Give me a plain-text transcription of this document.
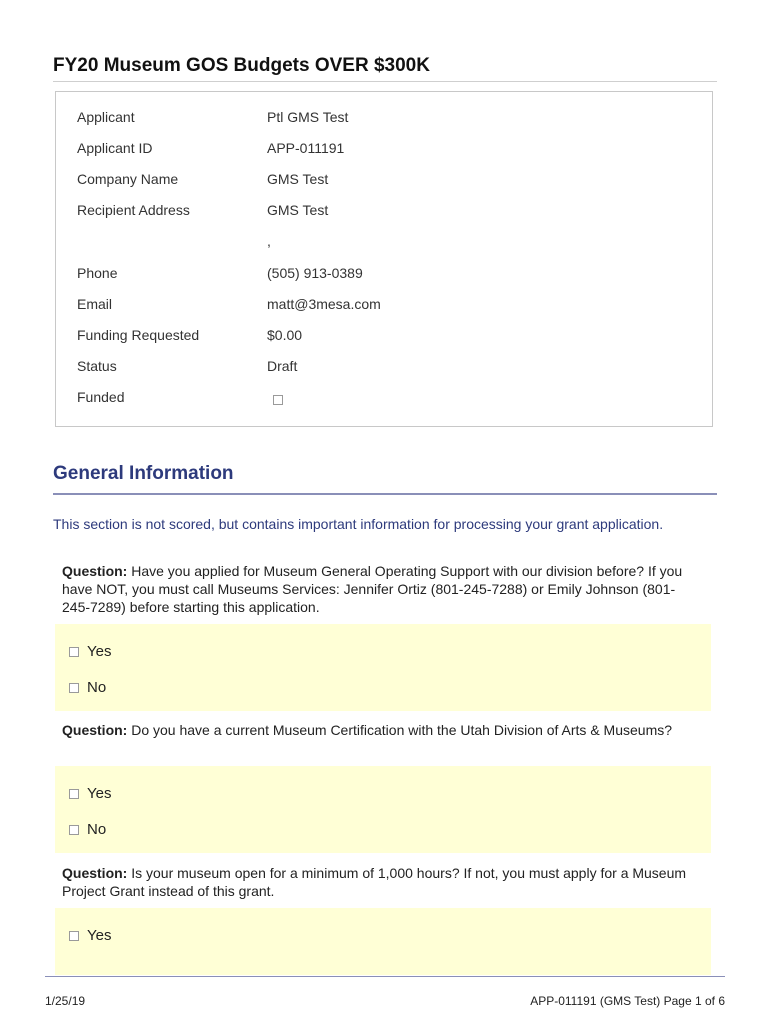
FY20 Museum GOS Budgets OVER $300K
Applicant	Ptl GMS Test
Applicant ID	APP-011191
Company Name	GMS Test
Recipient Address	GMS Test
,
Phone	(505) 913-0389
Email	matt@3mesa.com
Funding Requested	$0.00
Status	Draft
Funded
General Information
This section is not scored, but contains important information for processing your grant application.
Question: Have you applied for Museum General Operating Support with our division before? If you have NOT, you must call Museums Services: Jennifer Ortiz (801-245-7288) or Emily Johnson (801-245-7289) before starting this application.
Yes
No
Question: Do you have a current Museum Certification with the Utah Division of Arts & Museums?
Yes
No
Question: Is your museum open for a minimum of 1,000 hours? If not, you must apply for a Museum Project Grant instead of this grant.
Yes
1/25/19	APP-011191 (GMS Test) Page 1 of 6
